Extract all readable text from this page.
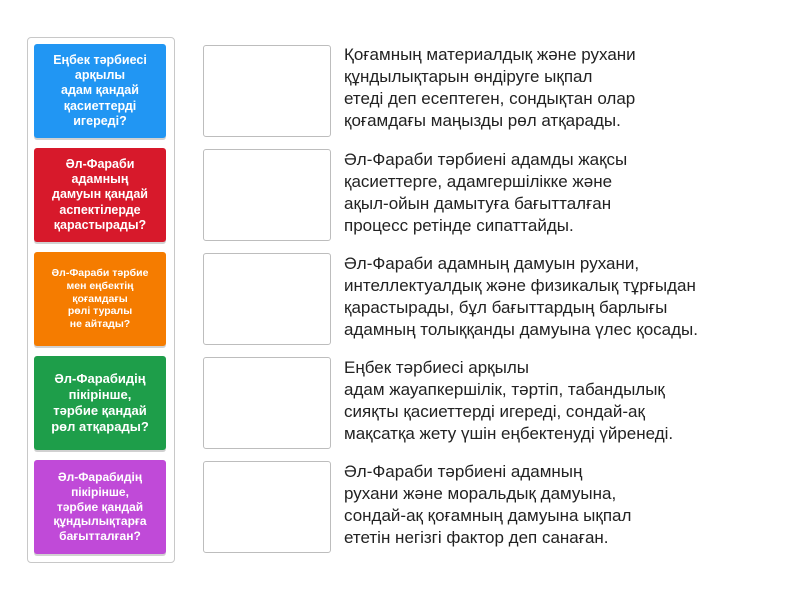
Еңбек тәрбиесі
арқылы
адам қандай
қасиеттерді
игереді?
Әл-Фараби
адамның
дамуын қандай
аспектілерде
қарастырады?
Әл-Фараби тәрбие
мен еңбектің
қоғамдағы
рөлі туралы
не айтады?
Әл-Фарабидің
пікірінше,
тәрбие қандай
рөл атқарады?
Әл-Фарабидің
пікірінше,
тәрбие қандай
құндылықтарға
бағытталған?
Қоғамның материалдық және рухани
құндылықтарын өндіруге ықпал
етеді деп есептеген, сондықтан олар
қоғамдағы маңызды рөл атқарады.
Әл-Фараби тәрбиені адамды жақсы
қасиеттерге, адамгершілікке және
ақыл-ойын дамытуға бағытталған
процесс ретінде сипаттайды.
Әл-Фараби адамның дамуын рухани,
интеллектуалдық және физикалық тұрғыдан
қарастырады, бұл бағыттардың барлығы
адамның толыққанды дамуына үлес қосады.
Еңбек тәрбиесі арқылы
адам жауапкершілік, тәртіп, табандылық
сияқты қасиеттерді игереді, сондай-ақ
мақсатқа жету үшін еңбектенуді үйренеді.
Әл-Фараби тәрбиені адамның
рухани және моральдық дамуына,
сондай-ақ қоғамның дамуына ықпал
ететін негізгі фактор деп санаған.
